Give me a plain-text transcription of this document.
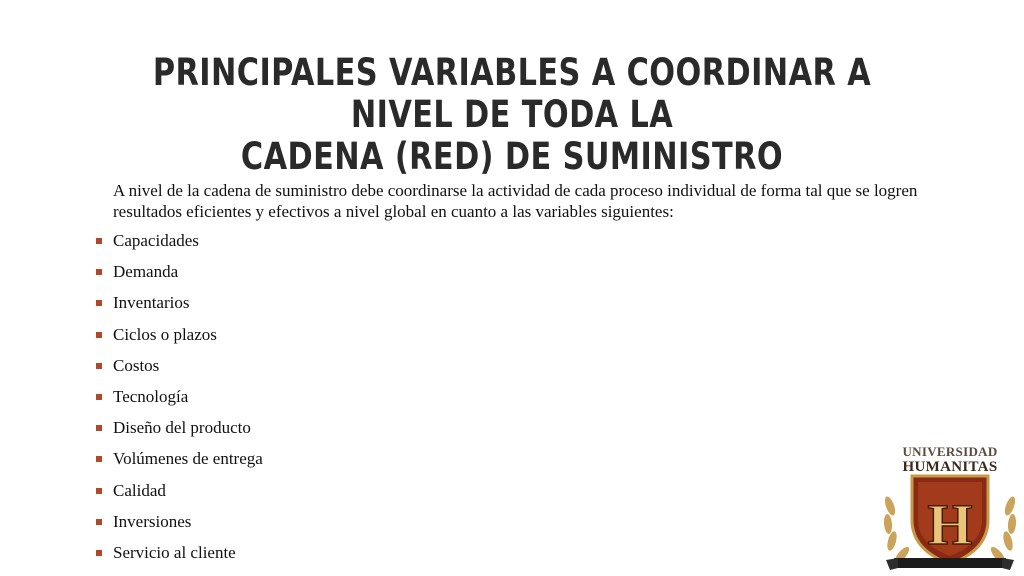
PRINCIPALES VARIABLES A COORDINAR A NIVEL DE TODA LA
CADENA (RED) DE SUMINISTRO
A nivel de la cadena de suministro debe coordinarse la actividad de cada proceso individual de forma tal que se logren resultados eficientes y efectivos a nivel global en cuanto a las variables siguientes:
Capacidades
Demanda
Inventarios
Ciclos o plazos
Costos
Tecnología
Diseño del producto
Volúmenes de entrega
Calidad
Inversiones
Servicio al cliente
UNIVERSIDAD
HUMANITAS
H
